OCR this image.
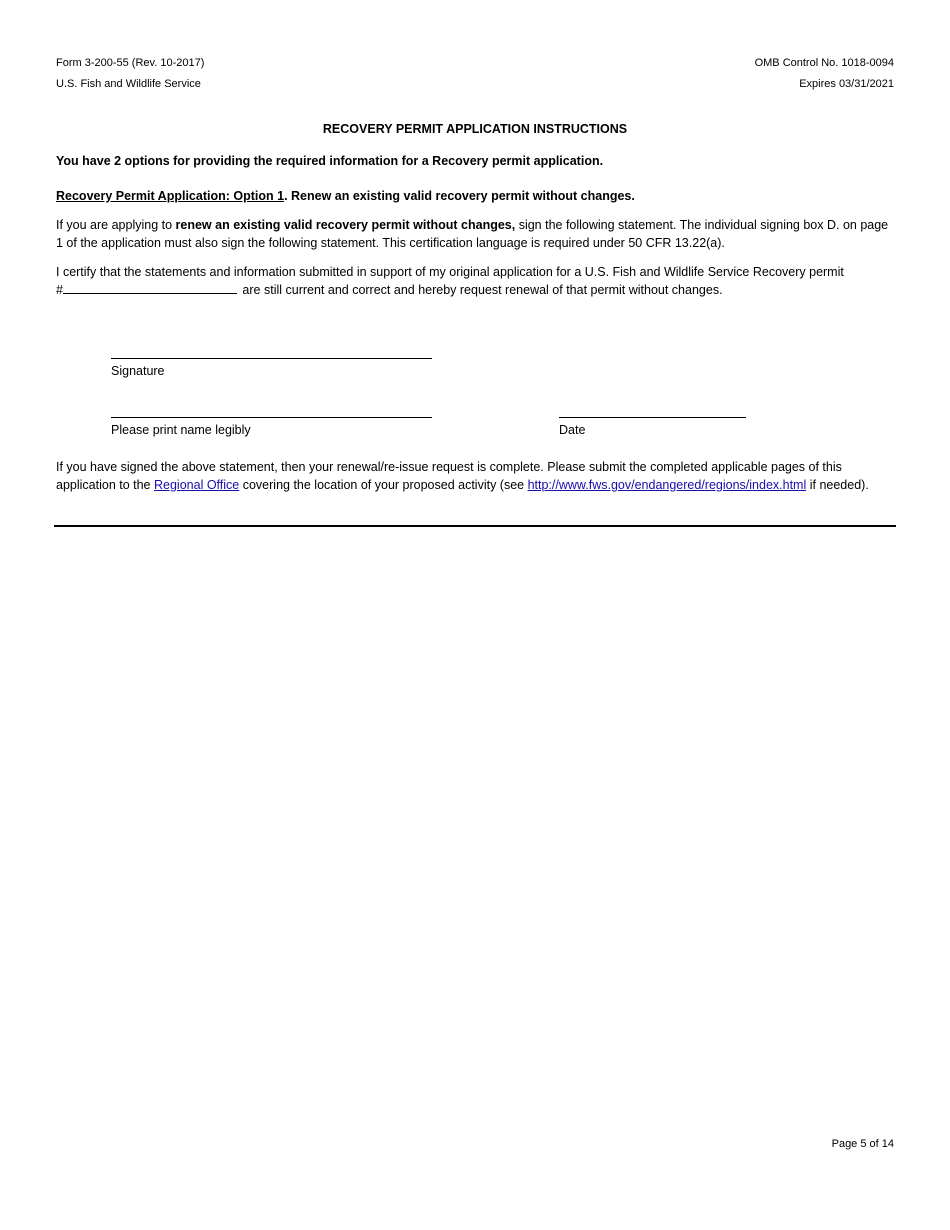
Form 3-200-55 (Rev. 10-2017)
U.S. Fish and Wildlife Service
OMB Control No. 1018-0094
Expires 03/31/2021
RECOVERY PERMIT APPLICATION INSTRUCTIONS
You have 2 options for providing the required information for a Recovery permit application.
Recovery Permit Application: Option 1. Renew an existing valid recovery permit without changes.
If you are applying to renew an existing valid recovery permit without changes, sign the following statement. The individual signing box D. on page 1 of the application must also sign the following statement. This certification language is required under 50 CFR 13.22(a).
I certify that the statements and information submitted in support of my original application for a U.S. Fish and Wildlife Service Recovery permit
#	are still current and correct and hereby request renewal of that permit without changes.
Signature
Please print name legibly	Date
If you have signed the above statement, then your renewal/re-issue request is complete. Please submit the completed applicable pages of this application to the Regional Office covering the location of your proposed activity (see http://www.fws.gov/endangered/regions/index.html if needed).
Page 5 of 14
